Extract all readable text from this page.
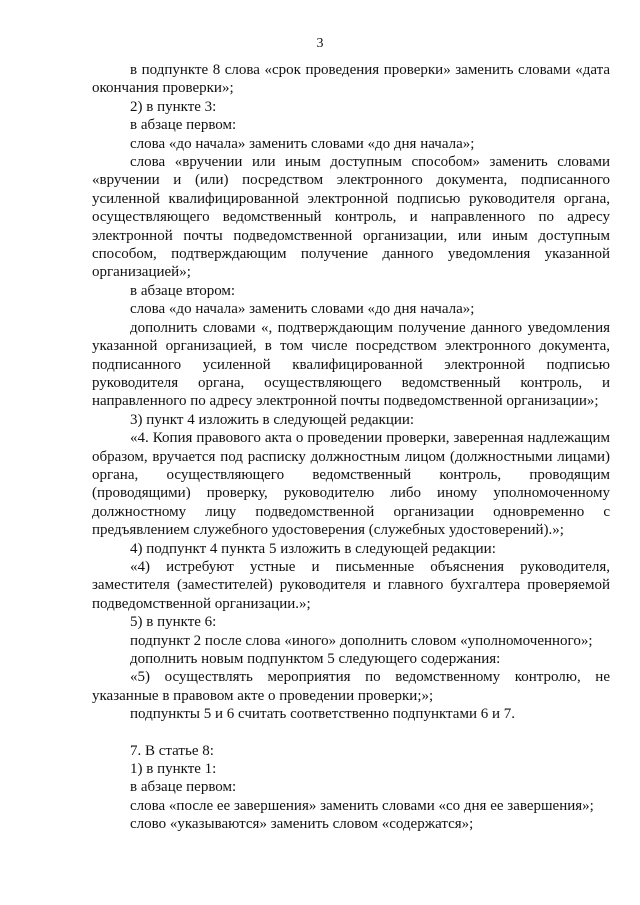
3

в подпункте 8 слова «срок проведения проверки» заменить словами «дата окончания проверки»;

2) в пункте 3:

в абзаце первом:

слова «до начала» заменить словами «до дня начала»;

слова «вручении или иным доступным способом» заменить словами «вручении и (или) посредством электронного документа, подписанного усиленной квалифицированной электронной подписью руководителя органа, осуществляющего ведомственный контроль, и направленного по адресу электронной почты подведомственной организации, или иным доступным способом, подтверждающим получение данного уведомления указанной организацией»;

в абзаце втором:

слова «до начала» заменить словами «до дня начала»;

дополнить словами «, подтверждающим получение данного уведомления указанной организацией, в том числе посредством электронного документа, подписанного усиленной квалифицированной электронной подписью руководителя органа, осуществляющего ведомственный контроль, и направленного по адресу электронной почты подведомственной организации»;

3) пункт 4 изложить в следующей редакции:

«4. Копия правового акта о проведении проверки, заверенная надлежащим образом, вручается под расписку должностным лицом (должностными лицами) органа, осуществляющего ведомственный контроль, проводящим (проводящими) проверку, руководителю либо иному уполномоченному должностному лицу подведомственной организации одновременно с предъявлением служебного удостоверения (служебных удостоверений).»;

4) подпункт 4 пункта 5 изложить в следующей редакции:

«4) истребуют устные и письменные объяснения руководителя, заместителя (заместителей) руководителя и главного бухгалтера проверяемой подведомственной организации.»;

5) в пункте 6:

подпункт 2 после слова «иного» дополнить словом «уполномоченного»;

дополнить новым подпунктом 5 следующего содержания:

«5) осуществлять мероприятия по ведомственному контролю, не указанные в правовом акте о проведении проверки;»;

подпункты 5 и 6 считать соответственно подпунктами 6 и 7.

7. В статье 8:

1) в пункте 1:

в абзаце первом:

слова «после ее завершения» заменить словами «со дня ее завершения»;

слово «указываются» заменить словом «содержатся»;
